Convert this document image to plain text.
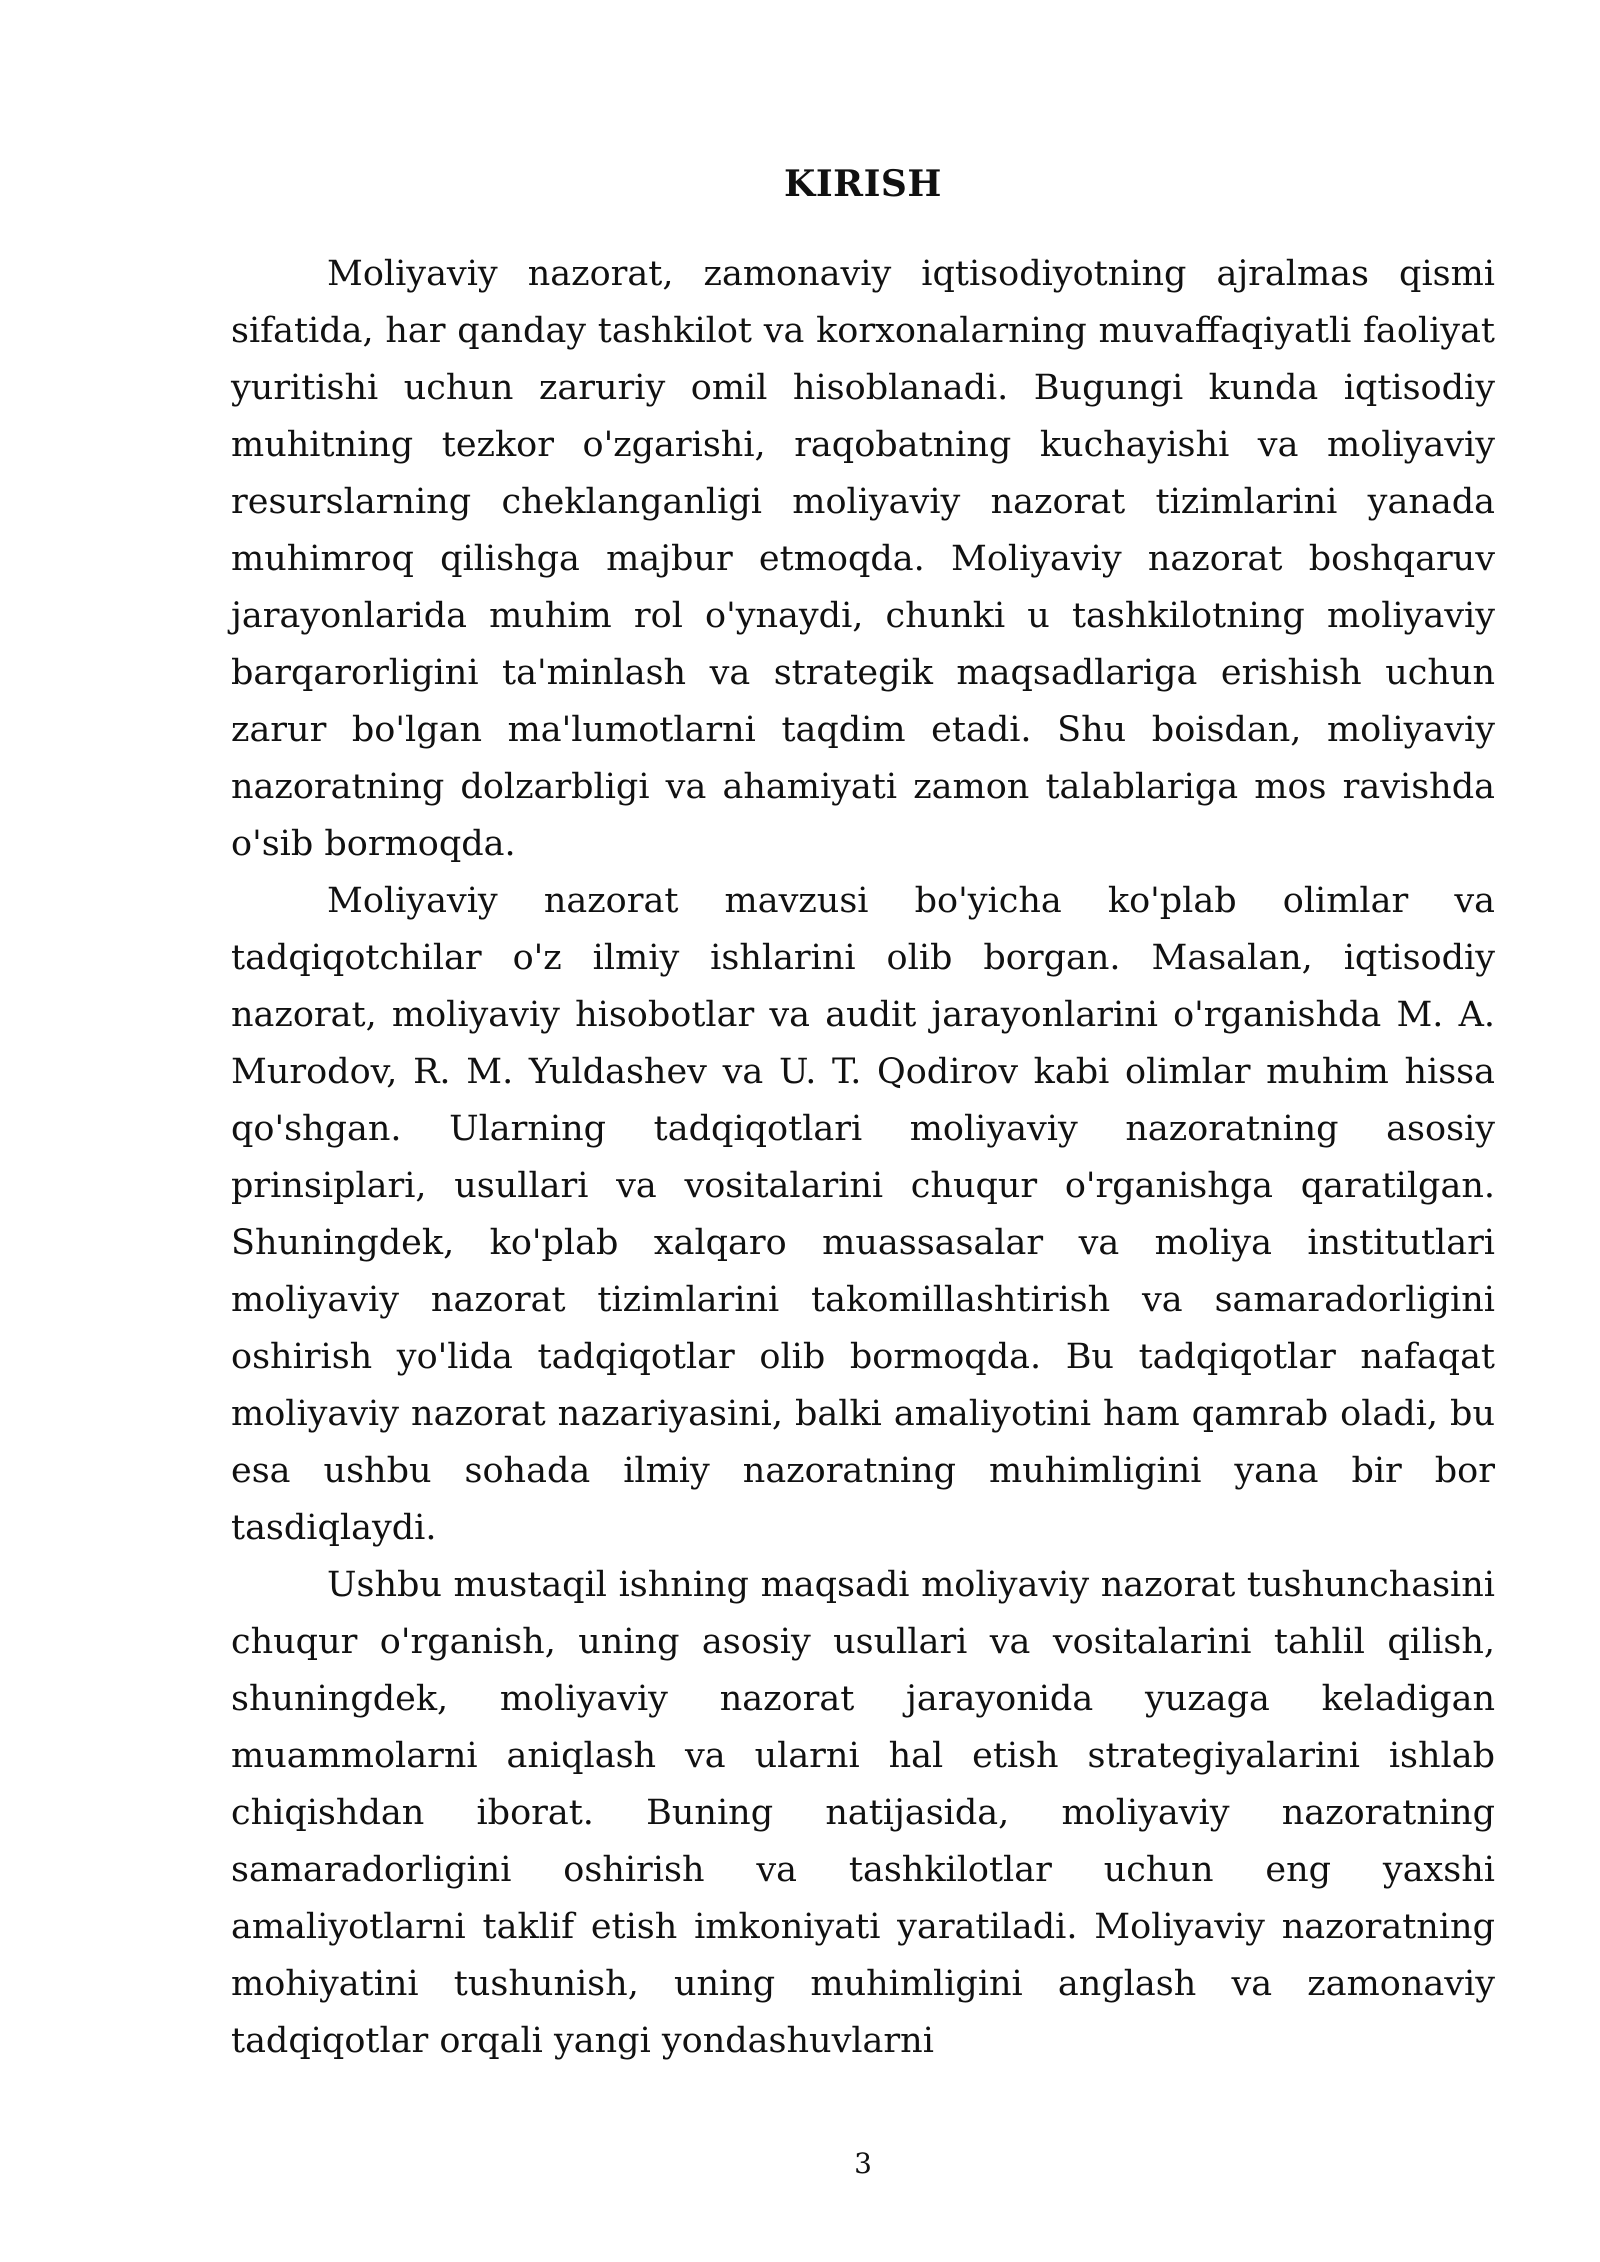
KIRISH

Moliyaviy nazorat, zamonaviy iqtisodiyotning ajralmas qismi sifatida, har qanday tashkilot va korxonalarning muvaffaqiyatli faoliyat yuritishi uchun zaruriy omil hisoblanadi. Bugungi kunda iqtisodiy muhitning tezkor o'zgarishi, raqobatning kuchayishi va moliyaviy resurslarning cheklanganligi moliyaviy nazorat tizimlarini yanada muhimroq qilishga majbur etmoqda. Moliyaviy nazorat boshqaruv jarayonlarida muhim rol o'ynaydi, chunki u tashkilotning moliyaviy barqarorligini ta'minlash va strategik maqsadlariga erishish uchun zarur bo'lgan ma'lumotlarni taqdim etadi. Shu boisdan, moliyaviy nazoratning dolzarbligi va ahamiyati zamon talablariga mos ravishda o'sib bormoqda.

Moliyaviy nazorat mavzusi bo'yicha ko'plab olimlar va tadqiqotchilar o'z ilmiy ishlarini olib borgan. Masalan, iqtisodiy nazorat, moliyaviy hisobotlar va audit jarayonlarini o'rganishda M. A. Murodov, R. M. Yuldashev va U. T. Qodirov kabi olimlar muhim hissa qo'shgan. Ularning tadqiqotlari moliyaviy nazoratning asosiy prinsiplari, usullari va vositalarini chuqur o'rganishga qaratilgan. Shuningdek, ko'plab xalqaro muassasalar va moliya institutlari moliyaviy nazorat tizimlarini takomillashtirish va samaradorligini oshirish yo'lida tadqiqotlar olib bormoqda. Bu tadqiqotlar nafaqat moliyaviy nazorat nazariyasini, balki amaliyotini ham qamrab oladi, bu esa ushbu sohada ilmiy nazoratning muhimligini yana bir bor tasdiqlaydi.

Ushbu mustaqil ishning maqsadi moliyaviy nazorat tushunchasini chuqur o'rganish, uning asosiy usullari va vositalarini tahlil qilish, shuningdek, moliyaviy nazorat jarayonida yuzaga keladigan muammolarni aniqlash va ularni hal etish strategiyalarini ishlab chiqishdan iborat. Buning natijasida, moliyaviy nazoratning samaradorligini oshirish va tashkilotlar uchun eng yaxshi amaliyotlarni taklif etish imkoniyati yaratiladi. Moliyaviy nazoratning mohiyatini tushunish, uning muhimligini anglash va zamonaviy tadqiqotlar orqali yangi yondashuvlarni

3
